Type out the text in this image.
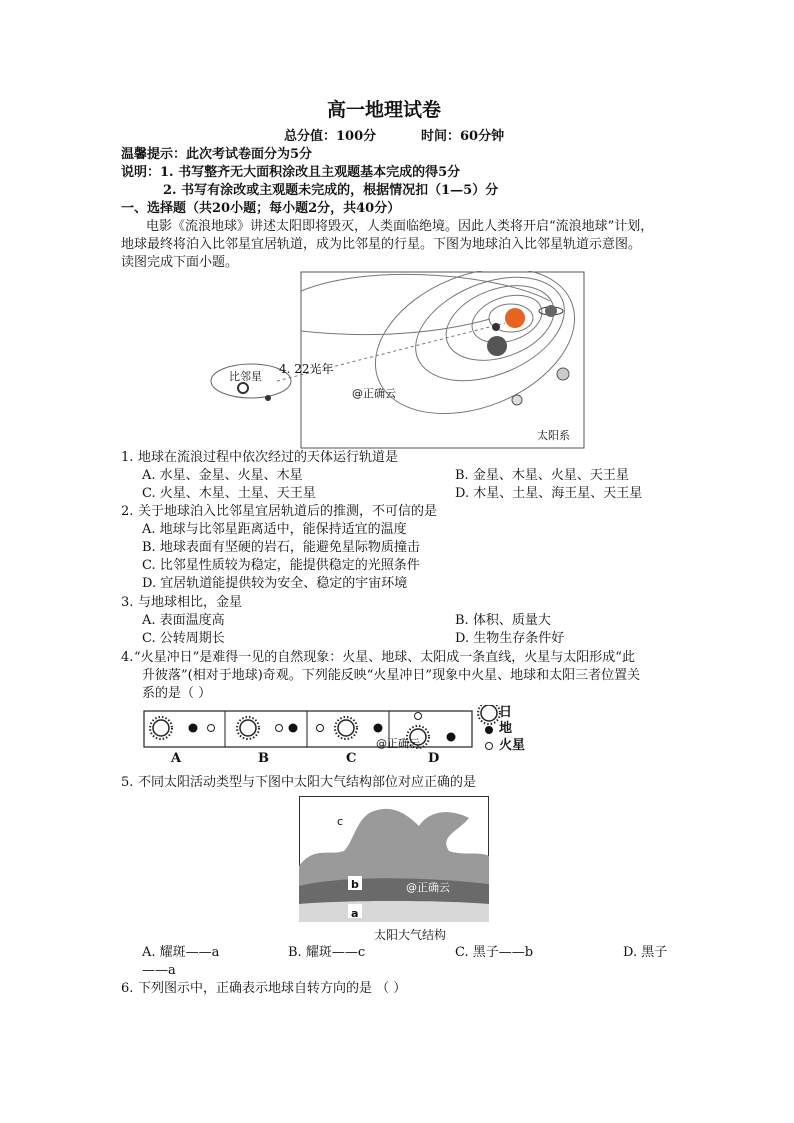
高一地理试卷
总分值：100分	时间：60分钟
温馨提示：此次考试卷面分为5分
说明：1. 书写整齐无大面积涂改且主观题基本完成的得5分
2. 书写有涂改或主观题未完成的，根据情况扣（1—5）分
一、选择题（共20小题；每小题2分，共40分）
电影《流浪地球》讲述太阳即将毁灭，人类面临绝境。因此人类将开启“流浪地球”计划，
地球最终将泊入比邻星宜居轨道，成为比邻星的行星。下图为地球泊入比邻星轨道示意图。
读图完成下面小题。
比邻星
4. 22光年
@正确云
太阳系
1. 地球在流浪过程中依次经过的天体运行轨道是
A. 水星、金星、火星、木星	B. 金星、木星、火星、天王星
C. 火星、木星、土星、天王星	D. 木星、土星、海王星、天王星
2. 关于地球泊入比邻星宜居轨道后的推测，不可信的是
A. 地球与比邻星距离适中，能保持适宜的温度
B. 地球表面有坚硬的岩石，能避免星际物质撞击
C. 比邻星性质较为稳定，能提供稳定的光照条件
D. 宜居轨道能提供较为安全、稳定的宇宙环境
3. 与地球相比，金星
A. 表面温度高	B. 体积、质量大
C. 公转周期长	D. 生物生存条件好
4. “火星冲日”是难得一见的自然现象：火星、地球、太阳成一条直线，火星与太阳形成“此
升彼落”(相对于地球)奇观。下列能反映“火星冲日”现象中火星、地球和太阳三者位置关
系的是（ ）
A	B	C	D
日
地
火星
@正确云
5. 不同太阳活动类型与下图中太阳大气结构部位对应正确的是
c
b
a
@正确云
太阳大气结构
A. 耀斑——a	B. 耀斑——c	C. 黑子——b	D. 黑子
——a
6. 下列图示中，正确表示地球自转方向的是 （ ）
